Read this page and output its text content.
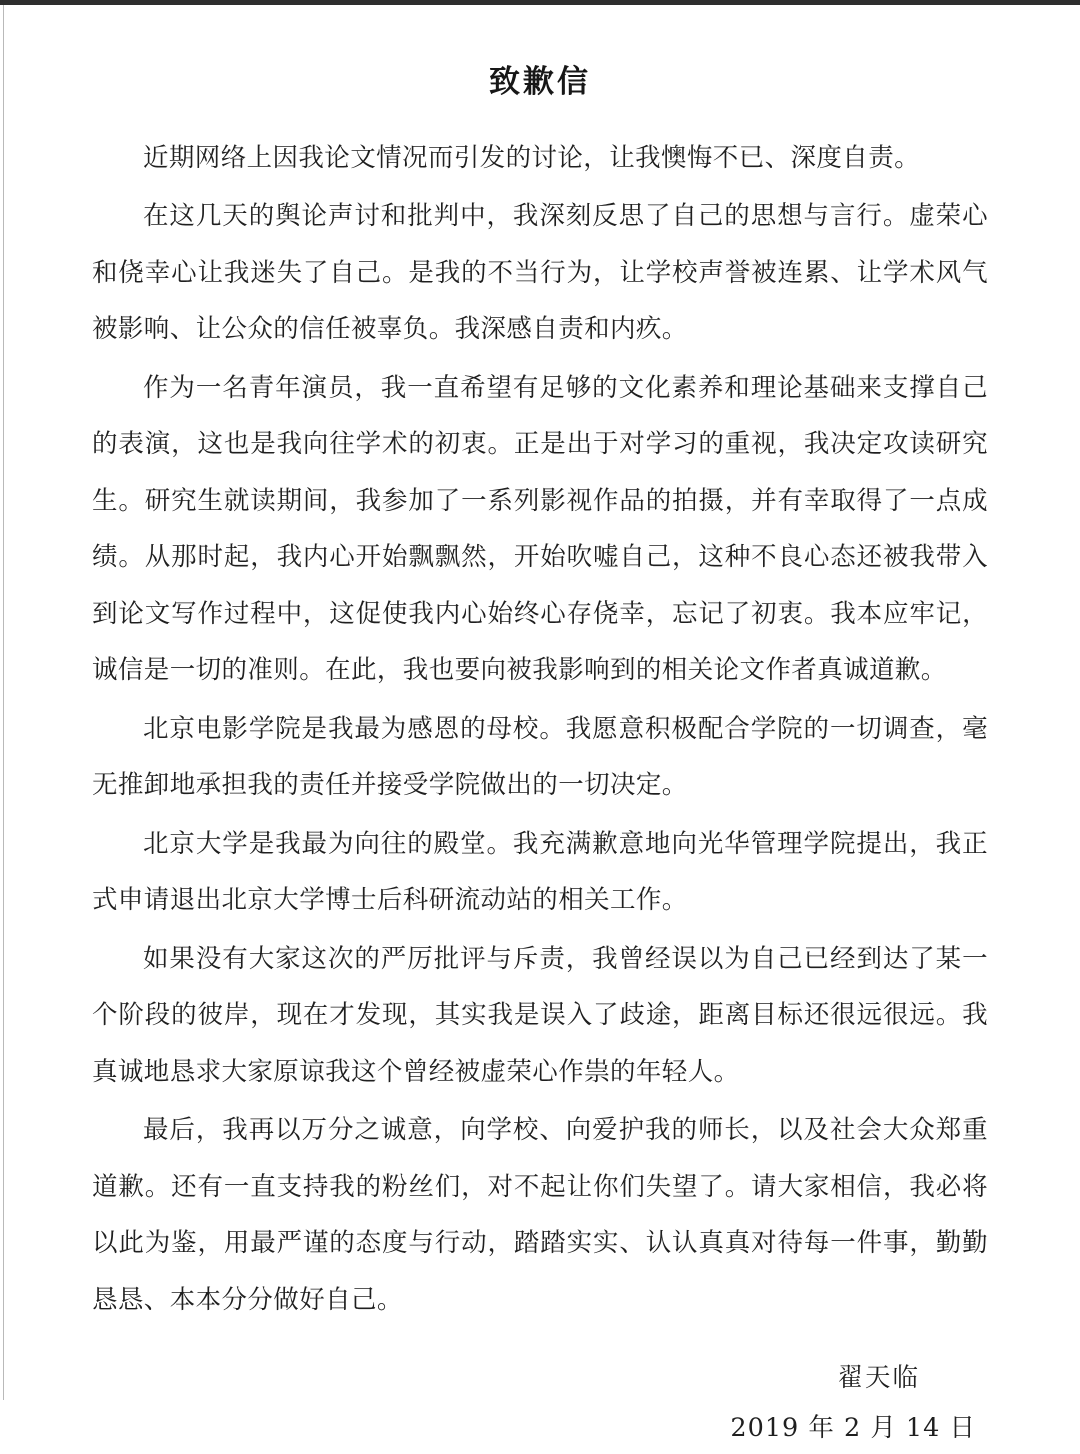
致歉信

近期网络上因我论文情况而引发的讨论，让我懊悔不已、深度自责。

在这几天的舆论声讨和批判中，我深刻反思了自己的思想与言行。虚荣心和侥幸心让我迷失了自己。是我的不当行为，让学校声誉被连累、让学术风气被影响、让公众的信任被辜负。我深感自责和内疚。

作为一名青年演员，我一直希望有足够的文化素养和理论基础来支撑自己的表演，这也是我向往学术的初衷。正是出于对学习的重视，我决定攻读研究生。研究生就读期间，我参加了一系列影视作品的拍摄，并有幸取得了一点成绩。从那时起，我内心开始飘飘然，开始吹嘘自己，这种不良心态还被我带入到论文写作过程中，这促使我内心始终心存侥幸，忘记了初衷。我本应牢记，诚信是一切的准则。在此，我也要向被我影响到的相关论文作者真诚道歉。

北京电影学院是我最为感恩的母校。我愿意积极配合学院的一切调查，毫无推卸地承担我的责任并接受学院做出的一切决定。

北京大学是我最为向往的殿堂。我充满歉意地向光华管理学院提出，我正式申请退出北京大学博士后科研流动站的相关工作。

如果没有大家这次的严厉批评与斥责，我曾经误以为自己已经到达了某一个阶段的彼岸，现在才发现，其实我是误入了歧途，距离目标还很远很远。我真诚地恳求大家原谅我这个曾经被虚荣心作祟的年轻人。

最后，我再以万分之诚意，向学校、向爱护我的师长，以及社会大众郑重道歉。还有一直支持我的粉丝们，对不起让你们失望了。请大家相信，我必将以此为鉴，用最严谨的态度与行动，踏踏实实、认认真真对待每一件事，勤勤恳恳、本本分分做好自己。

翟天临
2019 年 2 月 14 日
